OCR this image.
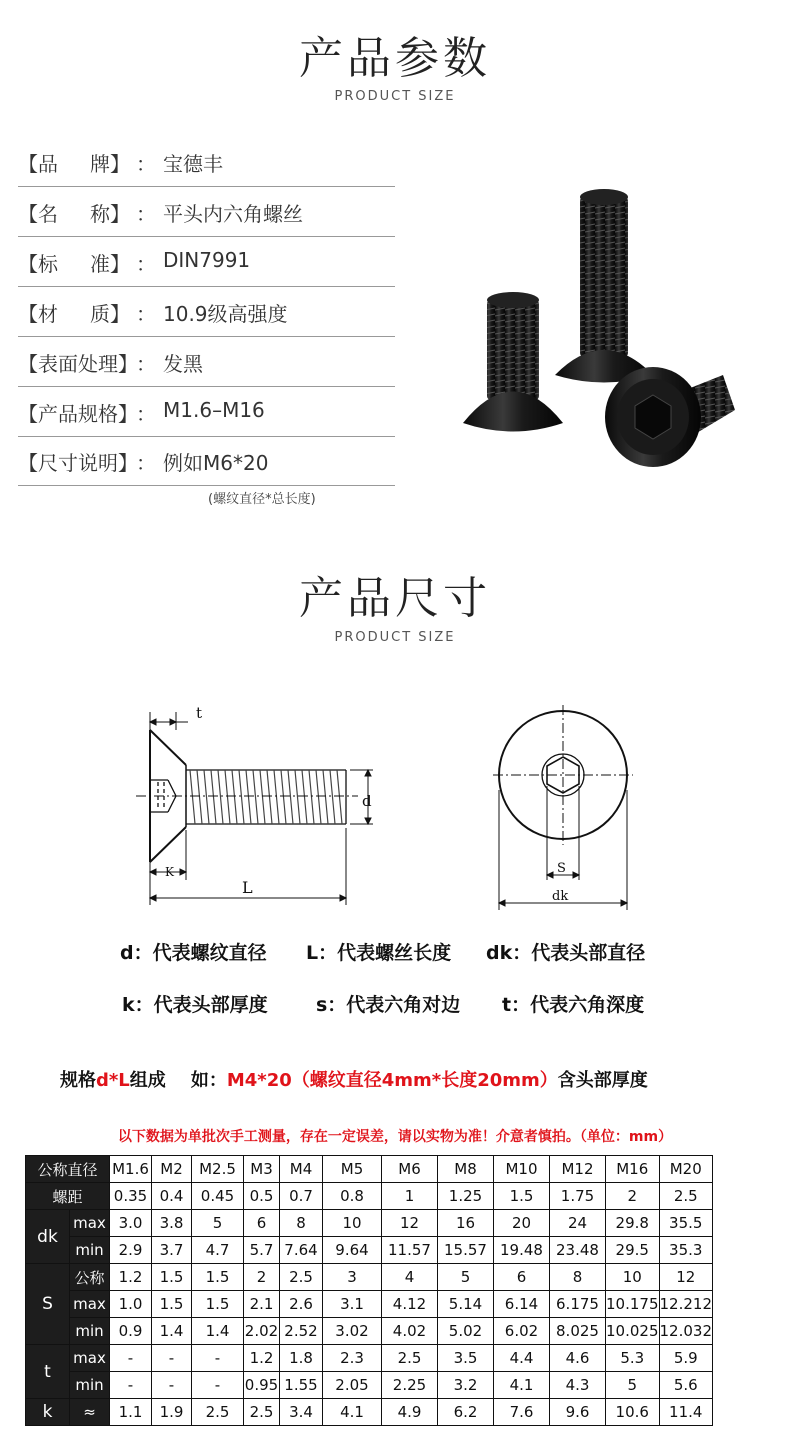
产品参数
PRODUCT SIZE
【品 牌】 ： 宝德丰
【名 称】 ： 平头内六角螺丝
【标 准】 ： DIN7991
【材 质】 ： 10.9级高强度
【表面处理】
： 发黑
【产品规格】
： M1.6–M16
【尺寸说明】
： 例如M6*20
(螺纹直径*总长度)
产品尺寸
PRODUCT SIZE
t
d
K
L
S
dk
d：代表螺纹直径 L：代表螺丝长度 dk：代表头部直径
k：代表头部厚度	s：代表六角对边 t：代表六角深度
规格d*L组成    如：M4*20（螺纹直径4mm*长度20mm）含头部厚度
以下数据为单批次手工测量，存在一定误差，请以实物为准！介意者慎拍。（单位：mm）
公称直径		M1.6	M2	M2.5	M3	M4	M5	M6	M8	M10	M12	M16	M20
螺距		0.35	0.4	0.45	0.5	0.7	0.8	1	1.25	1.5	1.75	2	2.5
dk	max	3.0	3.8	5	6	8	10	12	16	20	24	29.8	35.5
	min	2.9	3.7	4.7	5.7	7.64	9.64	11.57	15.57	19.48	23.48	29.5	35.3
S	公称	1.2	1.5	1.5	2	2.5	3	4	5	6	8	10	12
	max	1.0	1.5	1.5	2.1	2.6	3.1	4.12	5.14	6.14	6.175	10.175	12.212
	min	0.9	1.4	1.4	2.02	2.52	3.02	4.02	5.02	6.02	8.025	10.025	12.032
t	max	-	-	-	1.2	1.8	2.3	2.5	3.5	4.4	4.6	5.3	5.9
	min	-	-	-	0.95	1.55	2.05	2.25	3.2	4.1	4.3	5	5.6
k	≈	1.1	1.9	2.5	2.5	3.4	4.1	4.9	6.2	7.6	9.6	10.6	11.4
